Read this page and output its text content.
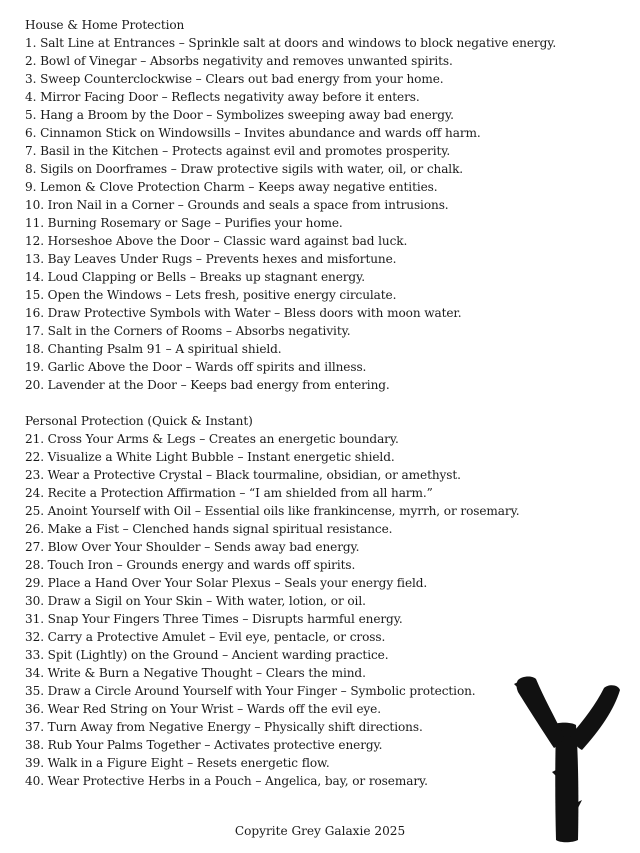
House & Home Protection
1. Salt Line at Entrances – Sprinkle salt at doors and windows to block negative energy.
2. Bowl of Vinegar – Absorbs negativity and removes unwanted spirits.
3. Sweep Counterclockwise – Clears out bad energy from your home.
4. Mirror Facing Door – Reflects negativity away before it enters.
5. Hang a Broom by the Door – Symbolizes sweeping away bad energy.
6. Cinnamon Stick on Windowsills – Invites abundance and wards off harm.
7. Basil in the Kitchen – Protects against evil and promotes prosperity.
8. Sigils on Doorframes – Draw protective sigils with water, oil, or chalk.
9. Lemon & Clove Protection Charm – Keeps away negative entities.
10. Iron Nail in a Corner – Grounds and seals a space from intrusions.
11. Burning Rosemary or Sage – Purifies your home.
12. Horseshoe Above the Door – Classic ward against bad luck.
13. Bay Leaves Under Rugs – Prevents hexes and misfortune.
14. Loud Clapping or Bells – Breaks up stagnant energy.
15. Open the Windows – Lets fresh, positive energy circulate.
16. Draw Protective Symbols with Water – Bless doors with moon water.
17. Salt in the Corners of Rooms – Absorbs negativity.
18. Chanting Psalm 91 – A spiritual shield.
19. Garlic Above the Door – Wards off spirits and illness.
20. Lavender at the Door – Keeps bad energy from entering.
Personal Protection (Quick & Instant)
21. Cross Your Arms & Legs – Creates an energetic boundary.
22. Visualize a White Light Bubble – Instant energetic shield.
23. Wear a Protective Crystal – Black tourmaline, obsidian, or amethyst.
24. Recite a Protection Affirmation – “I am shielded from all harm.”
25. Anoint Yourself with Oil – Essential oils like frankincense, myrrh, or rosemary.
26. Make a Fist – Clenched hands signal spiritual resistance.
27. Blow Over Your Shoulder – Sends away bad energy.
28. Touch Iron – Grounds energy and wards off spirits.
29. Place a Hand Over Your Solar Plexus – Seals your energy field.
30. Draw a Sigil on Your Skin – With water, lotion, or oil.
31. Snap Your Fingers Three Times – Disrupts harmful energy.
32. Carry a Protective Amulet – Evil eye, pentacle, or cross.
33. Spit (Lightly) on the Ground – Ancient warding practice.
34. Write & Burn a Negative Thought – Clears the mind.
35. Draw a Circle Around Yourself with Your Finger – Symbolic protection.
36. Wear Red String on Your Wrist – Wards off the evil eye.
37. Turn Away from Negative Energy – Physically shift directions.
38. Rub Your Palms Together – Activates protective energy.
39. Walk in a Figure Eight – Resets energetic flow.
40. Wear Protective Herbs in a Pouch – Angelica, bay, or rosemary.
Copyrite Grey Galaxie 2025
